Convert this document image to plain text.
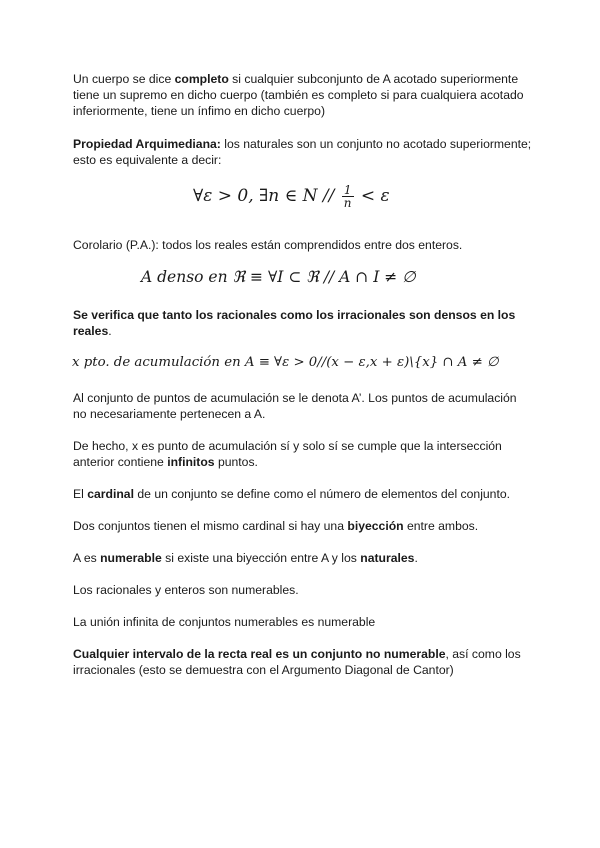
Un cuerpo se dice completo si cualquier subconjunto de A acotado superiormente tiene un supremo en dicho cuerpo (también es completo si para cualquiera acotado inferiormente, tiene un ínfimo en dicho cuerpo)

Propiedad Arquimediana: los naturales son un conjunto no acotado superiormente; esto es equivalente a decir:

∀ε > 0, ∃n ∈ $N // \frac{1}{n} < \varepsilon$

Corolario (P.A.): todos los reales están comprendidos entre dos enteros.

A denso en ℜ ≡ ∀I ⊂ ℜ // A ∩ I ≠ ∅

Se verifica que tanto los racionales como los irracionales son densos en los reales.

x pto. de acumulación en A ≡ ∀ε > 0//(x − ε,x + ε)\{x} ∩ A ≠ ∅

Al conjunto de puntos de acumulación se le denota A’. Los puntos de acumulación no necesariamente pertenecen a A.

De hecho, x es punto de acumulación sí y solo sí se cumple que la intersección anterior contiene infinitos puntos.

El cardinal de un conjunto se define como el número de elementos del conjunto.

Dos conjuntos tienen el mismo cardinal si hay una biyección entre ambos.

A es numerable si existe una biyección entre A y los naturales.

Los racionales y enteros son numerables.

La unión infinita de conjuntos numerables es numerable

Cualquier intervalo de la recta real es un conjunto no numerable, así como los irracionales (esto se demuestra con el Argumento Diagonal de Cantor)
